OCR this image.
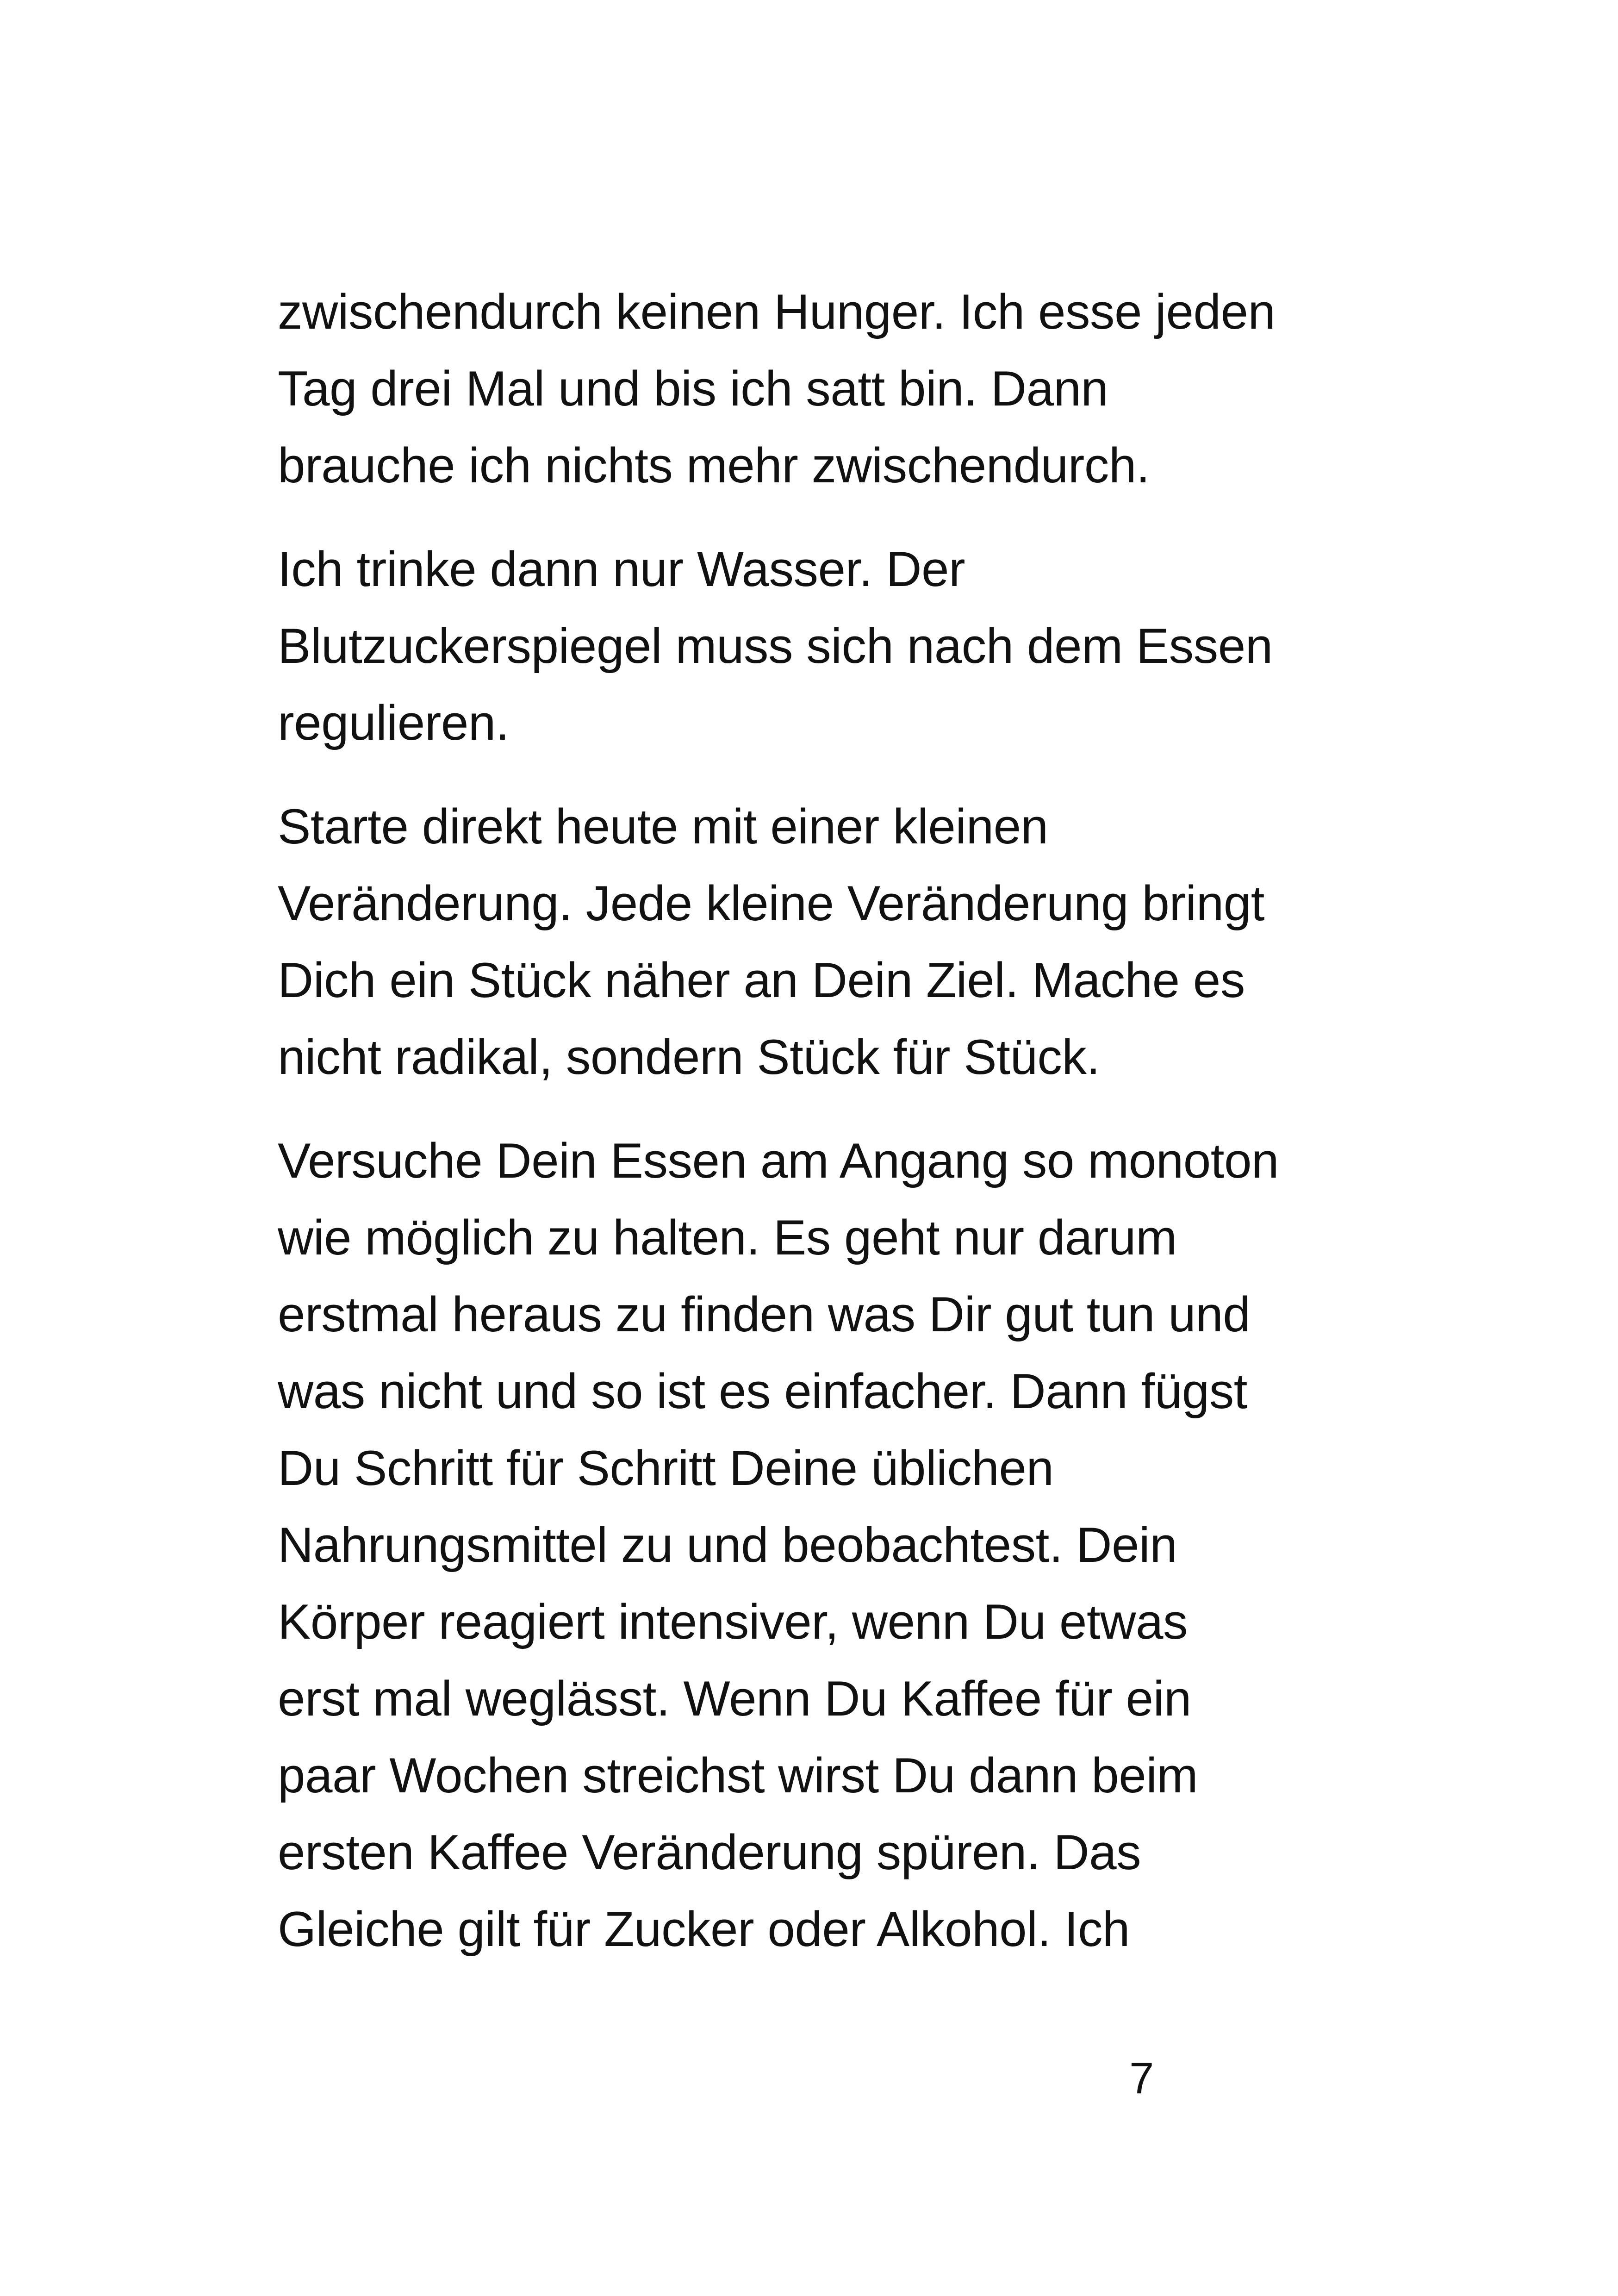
zwischendurch keinen Hunger. Ich esse jeden
Tag drei Mal und bis ich satt bin. Dann
brauche ich nichts mehr zwischendurch.

Ich trinke dann nur Wasser. Der
Blutzuckerspiegel muss sich nach dem Essen
regulieren.

Starte direkt heute mit einer kleinen
Veränderung. Jede kleine Veränderung bringt
Dich ein Stück näher an Dein Ziel. Mache es
nicht radikal, sondern Stück für Stück.

Versuche Dein Essen am Angang so monoton
wie möglich zu halten. Es geht nur darum
erstmal heraus zu finden was Dir gut tun und
was nicht und so ist es einfacher. Dann fügst
Du Schritt für Schritt Deine üblichen
Nahrungsmittel zu und beobachtest. Dein
Körper reagiert intensiver, wenn Du etwas
erst mal weglässt. Wenn Du Kaffee für ein
paar Wochen streichst wirst Du dann beim
ersten Kaffee Veränderung spüren. Das
Gleiche gilt für Zucker oder Alkohol. Ich

7
